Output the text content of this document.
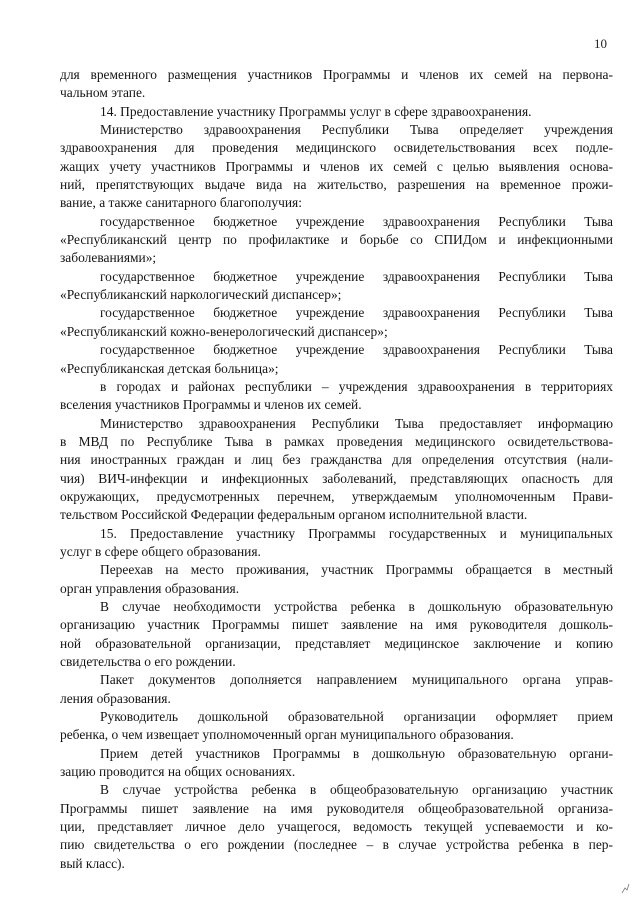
10
для временного размещения участников Программы и членов их семей на первона-
чальном этапе.
14. Предоставление участнику Программы услуг в сфере здравоохранения.
Министерство здравоохранения Республики Тыва определяет учреждения
здравоохранения для проведения медицинского освидетельствования всех подле-
жащих учету участников Программы и членов их семей с целью выявления основа-
ний, препятствующих выдаче вида на жительство, разрешения на временное прожи-
вание, а также санитарного благополучия:
государственное бюджетное учреждение здравоохранения Республики Тыва
«Республиканский центр по профилактике и борьбе со СПИДом и инфекционными
заболеваниями»;
государственное бюджетное учреждение здравоохранения Республики Тыва
«Республиканский наркологический диспансер»;
государственное бюджетное учреждение здравоохранения Республики Тыва
«Республиканский кожно-венерологический диспансер»;
государственное бюджетное учреждение здравоохранения Республики Тыва
«Республиканская детская больница»;
в городах и районах республики – учреждения здравоохранения в территориях
вселения участников Программы и членов их семей.
Министерство здравоохранения Республики Тыва предоставляет информацию
в МВД по Республике Тыва в рамках проведения медицинского освидетельствова-
ния иностранных граждан и лиц без гражданства для определения отсутствия (нали-
чия) ВИЧ-инфекции и инфекционных заболеваний, представляющих опасность для
окружающих, предусмотренных перечнем, утверждаемым уполномоченным Прави-
тельством Российской Федерации федеральным органом исполнительной власти.
15. Предоставление участнику Программы государственных и муниципальных
услуг в сфере общего образования.
Переехав на место проживания, участник Программы обращается в местный
орган управления образования.
В случае необходимости устройства ребенка в дошкольную образовательную
организацию участник Программы пишет заявление на имя руководителя дошколь-
ной образовательной организации, представляет медицинское заключение и копию
свидетельства о его рождении.
Пакет документов дополняется направлением муниципального органа управ-
ления образования.
Руководитель дошкольной образовательной организации оформляет прием
ребенка, о чем извещает уполномоченный орган муниципального образования.
Прием детей участников Программы в дошкольную образовательную органи-
зацию проводится на общих основаниях.
В случае устройства ребенка в общеобразовательную организацию участник
Программы пишет заявление на имя руководителя общеобразовательной организа-
ции, представляет личное дело учащегося, ведомость текущей успеваемости и ко-
пию свидетельства о его рождении (последнее – в случае устройства ребенка в пер-
вый класс).
